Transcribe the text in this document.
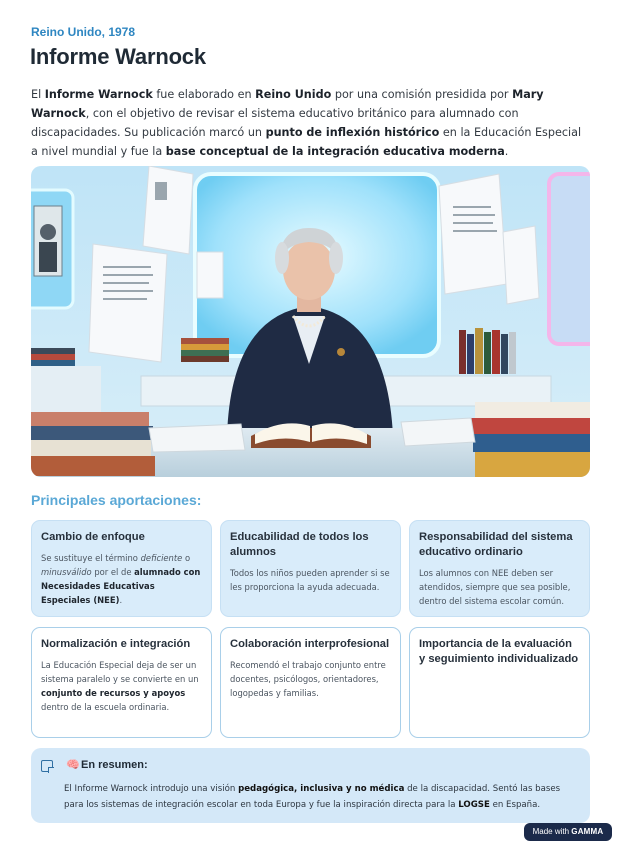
Reino Unido, 1978
Informe Warnock

El Informe Warnock fue elaborado en Reino Unido por una comisión presidida por Mary Warnock, con el objetivo de revisar el sistema educativo británico para alumnado con discapacidades. Su publicación marcó un punto de inflexión histórico en la Educación Especial a nivel mundial y fue la base conceptual de la integración educativa moderna.

Principales aportaciones:
Cambio de enfoque

Se sustituye el término deficiente o minusválido por el de alumnado con Necesidades Educativas Especiales (NEE).

Educabilidad de todos los alumnos

Todos los niños pueden aprender si se les proporciona la ayuda adecuada.

Responsabilidad del sistema educativo ordinario

Los alumnos con NEE deben ser atendidos, siempre que sea posible, dentro del sistema escolar común.

Normalización e integración

La Educación Especial deja de ser un sistema paralelo y se convierte en un conjunto de recursos y apoyos dentro de la escuela ordinaria.

Colaboración interprofesional

Recomendó el trabajo conjunto entre docentes, psicólogos, orientadores, logopedas y familias.

Importancia de la evaluación y seguimiento individualizado
🧠 En resumen:

El Informe Warnock introdujo una visión pedagógica, inclusiva y no médica de la discapacidad. Sentó las bases para los sistemas de integración escolar en toda Europa y fue la inspiración directa para la LOGSE en España.

Made with GAMMA
